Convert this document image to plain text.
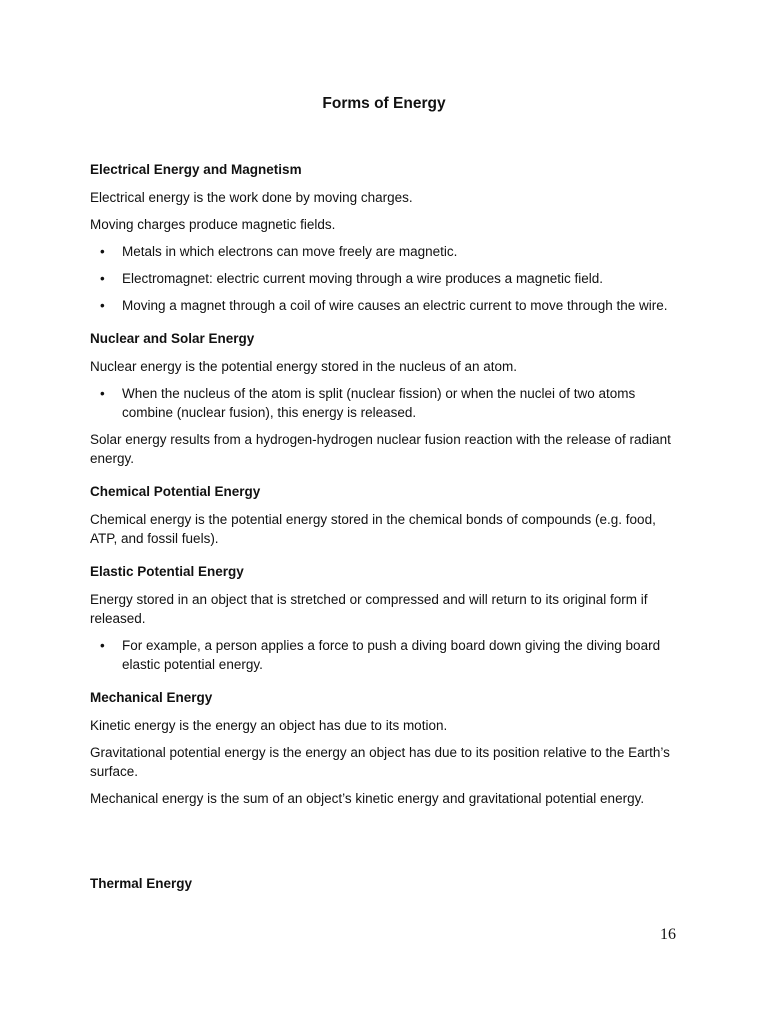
Forms of Energy
Electrical Energy and Magnetism

Electrical energy is the work done by moving charges.

Moving charges produce magnetic fields.

• Metals in which electrons can move freely are magnetic.
• Electromagnet: electric current moving through a wire produces a magnetic field.
• Moving a magnet through a coil of wire causes an electric current to move through the wire.
Nuclear and Solar Energy

Nuclear energy is the potential energy stored in the nucleus of an atom.

• When the nucleus of the atom is split (nuclear fission) or when the nuclei of two atoms combine (nuclear fusion), this energy is released.

Solar energy results from a hydrogen-hydrogen nuclear fusion reaction with the release of radiant energy.

Chemical Potential Energy

Chemical energy is the potential energy stored in the chemical bonds of compounds (e.g. food, ATP, and fossil fuels).

Elastic Potential Energy

Energy stored in an object that is stretched or compressed and will return to its original form if released.

• For example, a person applies a force to push a diving board down giving the diving board elastic potential energy.
Mechanical Energy

Kinetic energy is the energy an object has due to its motion.

Gravitational potential energy is the energy an object has due to its position relative to the Earth’s surface.

Mechanical energy is the sum of an object’s kinetic energy and gravitational potential energy.

Thermal Energy
16
